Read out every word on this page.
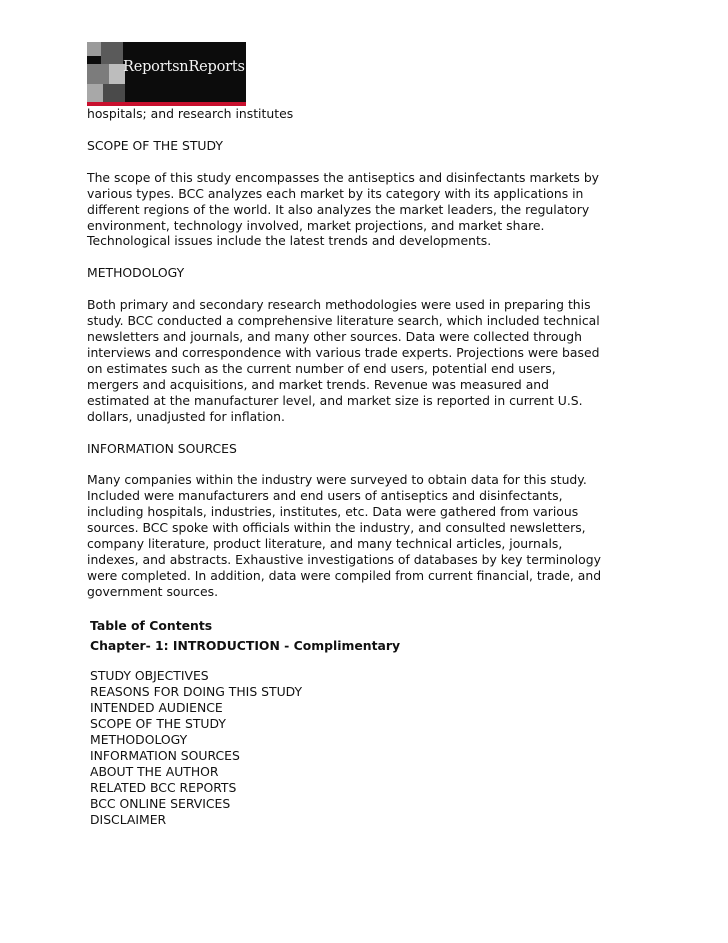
ReportsnReports

hospitals; and research institutes

SCOPE OF THE STUDY

The scope of this study encompasses the antiseptics and disinfectants markets by
various types. BCC analyzes each market by its category with its applications in
different regions of the world. It also analyzes the market leaders, the regulatory
environment, technology involved, market projections, and market share.
Technological issues include the latest trends and developments.

METHODOLOGY

Both primary and secondary research methodologies were used in preparing this
study. BCC conducted a comprehensive literature search, which included technical
newsletters and journals, and many other sources. Data were collected through
interviews and correspondence with various trade experts. Projections were based
on estimates such as the current number of end users, potential end users,
mergers and acquisitions, and market trends. Revenue was measured and
estimated at the manufacturer level, and market size is reported in current U.S.
dollars, unadjusted for inflation.

INFORMATION SOURCES

Many companies within the industry were surveyed to obtain data for this study.
Included were manufacturers and end users of antiseptics and disinfectants,
including hospitals, industries, institutes, etc. Data were gathered from various
sources. BCC spoke with officials within the industry, and consulted newsletters,
company literature, product literature, and many technical articles, journals,
indexes, and abstracts. Exhaustive investigations of databases by key terminology
were completed. In addition, data were compiled from current financial, trade, and
government sources.

Table of Contents
Chapter- 1: INTRODUCTION - Complimentary
STUDY OBJECTIVES
REASONS FOR DOING THIS STUDY
INTENDED AUDIENCE
SCOPE OF THE STUDY
METHODOLOGY
INFORMATION SOURCES
ABOUT THE AUTHOR
RELATED BCC REPORTS
BCC ONLINE SERVICES
DISCLAIMER
